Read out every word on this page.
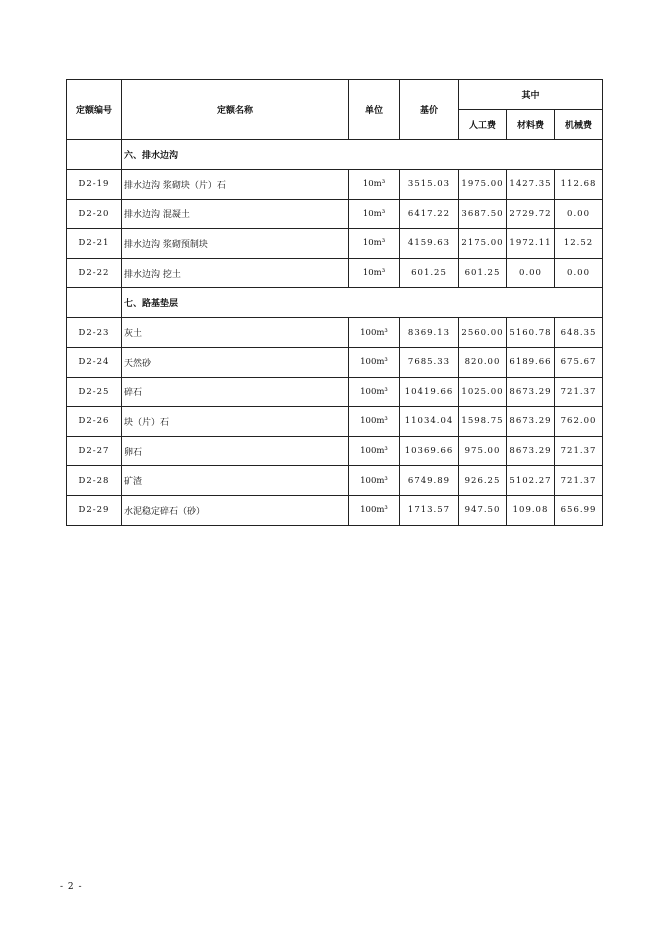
定额编号	定额名称	单位	基价	其中		
				人工费	材料费	机械费
	六、排水边沟					
D2-19	排水边沟 浆砌块（片）石	10m³	3515.03	1975.00	1427.35	112.68
D2-20	排水边沟 混凝土	10m³	6417.22	3687.50	2729.72	0.00
D2-21	排水边沟 浆砌预制块	10m³	4159.63	2175.00	1972.11	12.52
D2-22	排水边沟 挖土	10m³	601.25	601.25	0.00	0.00
	七、路基垫层					
D2-23	灰土	100m³	8369.13	2560.00	5160.78	648.35
D2-24	天然砂	100m³	7685.33	820.00	6189.66	675.67
D2-25	碎石	100m³	10419.66	1025.00	8673.29	721.37
D2-26	块（片）石	100m³	11034.04	1598.75	8673.29	762.00
D2-27	卵石	100m³	10369.66	975.00	8673.29	721.37
D2-28	矿渣	100m³	6749.89	926.25	5102.27	721.37
D2-29	水泥稳定碎石（砂）	100m³	1713.57	947.50	109.08	656.99
- 2 -
